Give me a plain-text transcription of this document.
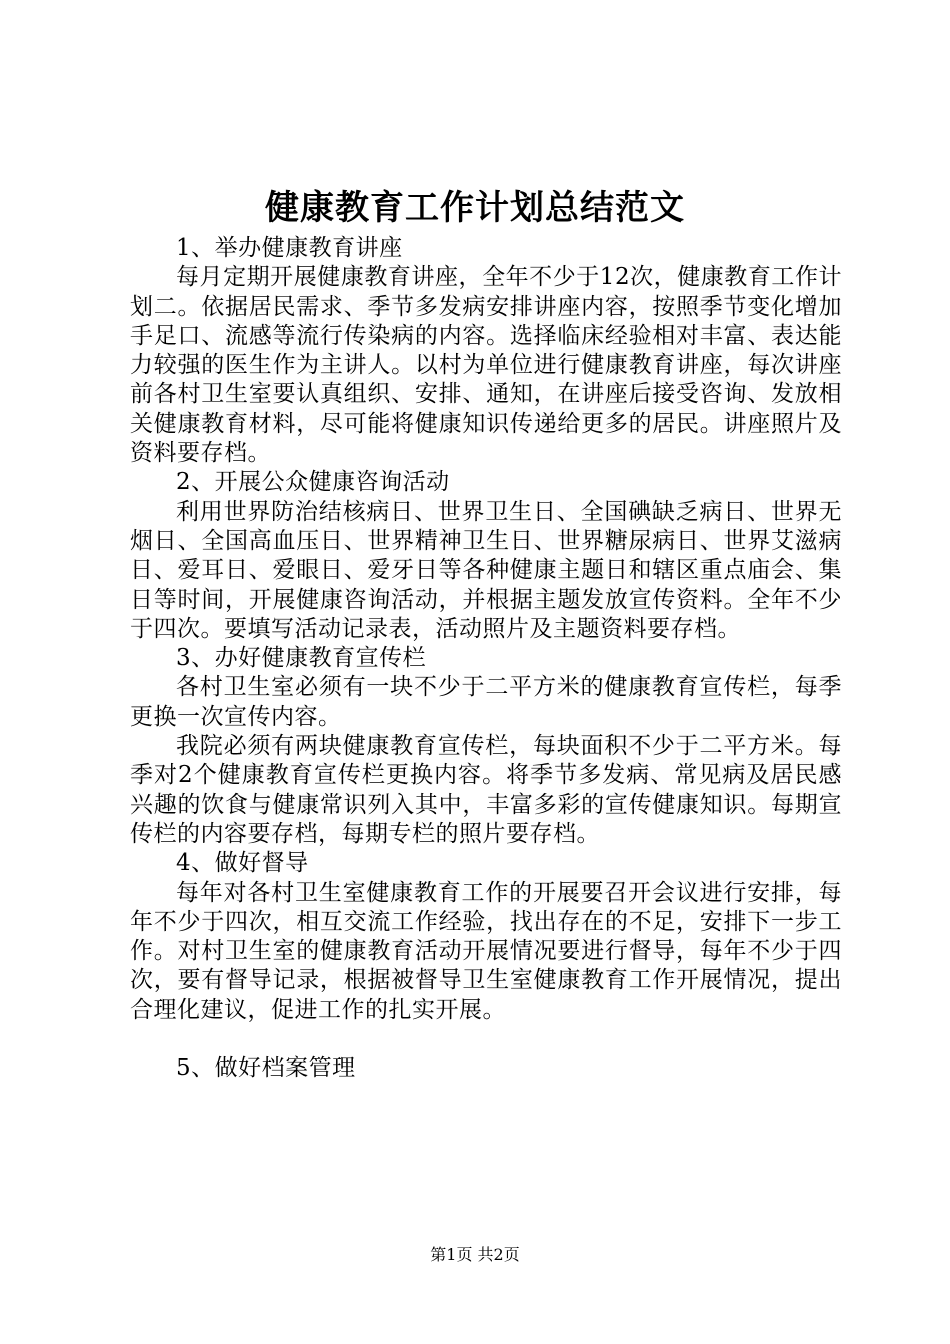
健康教育工作计划总结范文

1、举办健康教育讲座

每月定期开展健康教育讲座，全年不少于12次，健康教育工作计划二。依据居民需求、季节多发病安排讲座内容，按照季节变化增加手足口、流感等流行传染病的内容。选择临床经验相对丰富、表达能力较强的医生作为主讲人。以村为单位进行健康教育讲座，每次讲座前各村卫生室要认真组织、安排、通知，在讲座后接受咨询、发放相关健康教育材料，尽可能将健康知识传递给更多的居民。讲座照片及资料要存档。

2、开展公众健康咨询活动

利用世界防治结核病日、世界卫生日、全国碘缺乏病日、世界无烟日、全国高血压日、世界精神卫生日、世界糖尿病日、世界艾滋病日、爱耳日、爱眼日、爱牙日等各种健康主题日和辖区重点庙会、集日等时间，开展健康咨询活动，并根据主题发放宣传资料。全年不少于四次。要填写活动记录表，活动照片及主题资料要存档。

3、办好健康教育宣传栏

各村卫生室必须有一块不少于二平方米的健康教育宣传栏，每季更换一次宣传内容。

我院必须有两块健康教育宣传栏，每块面积不少于二平方米。每季对2个健康教育宣传栏更换内容。将季节多发病、常见病及居民感兴趣的饮食与健康常识列入其中，丰富多彩的宣传健康知识。每期宣传栏的内容要存档，每期专栏的照片要存档。

4、做好督导

每年对各村卫生室健康教育工作的开展要召开会议进行安排，每年不少于四次，相互交流工作经验，找出存在的不足，安排下一步工作。对村卫生室的健康教育活动开展情况要进行督导，每年不少于四次，要有督导记录，根据被督导卫生室健康教育工作开展情况，提出合理化建议，促进工作的扎实开展。

5、做好档案管理

第1页 共2页
